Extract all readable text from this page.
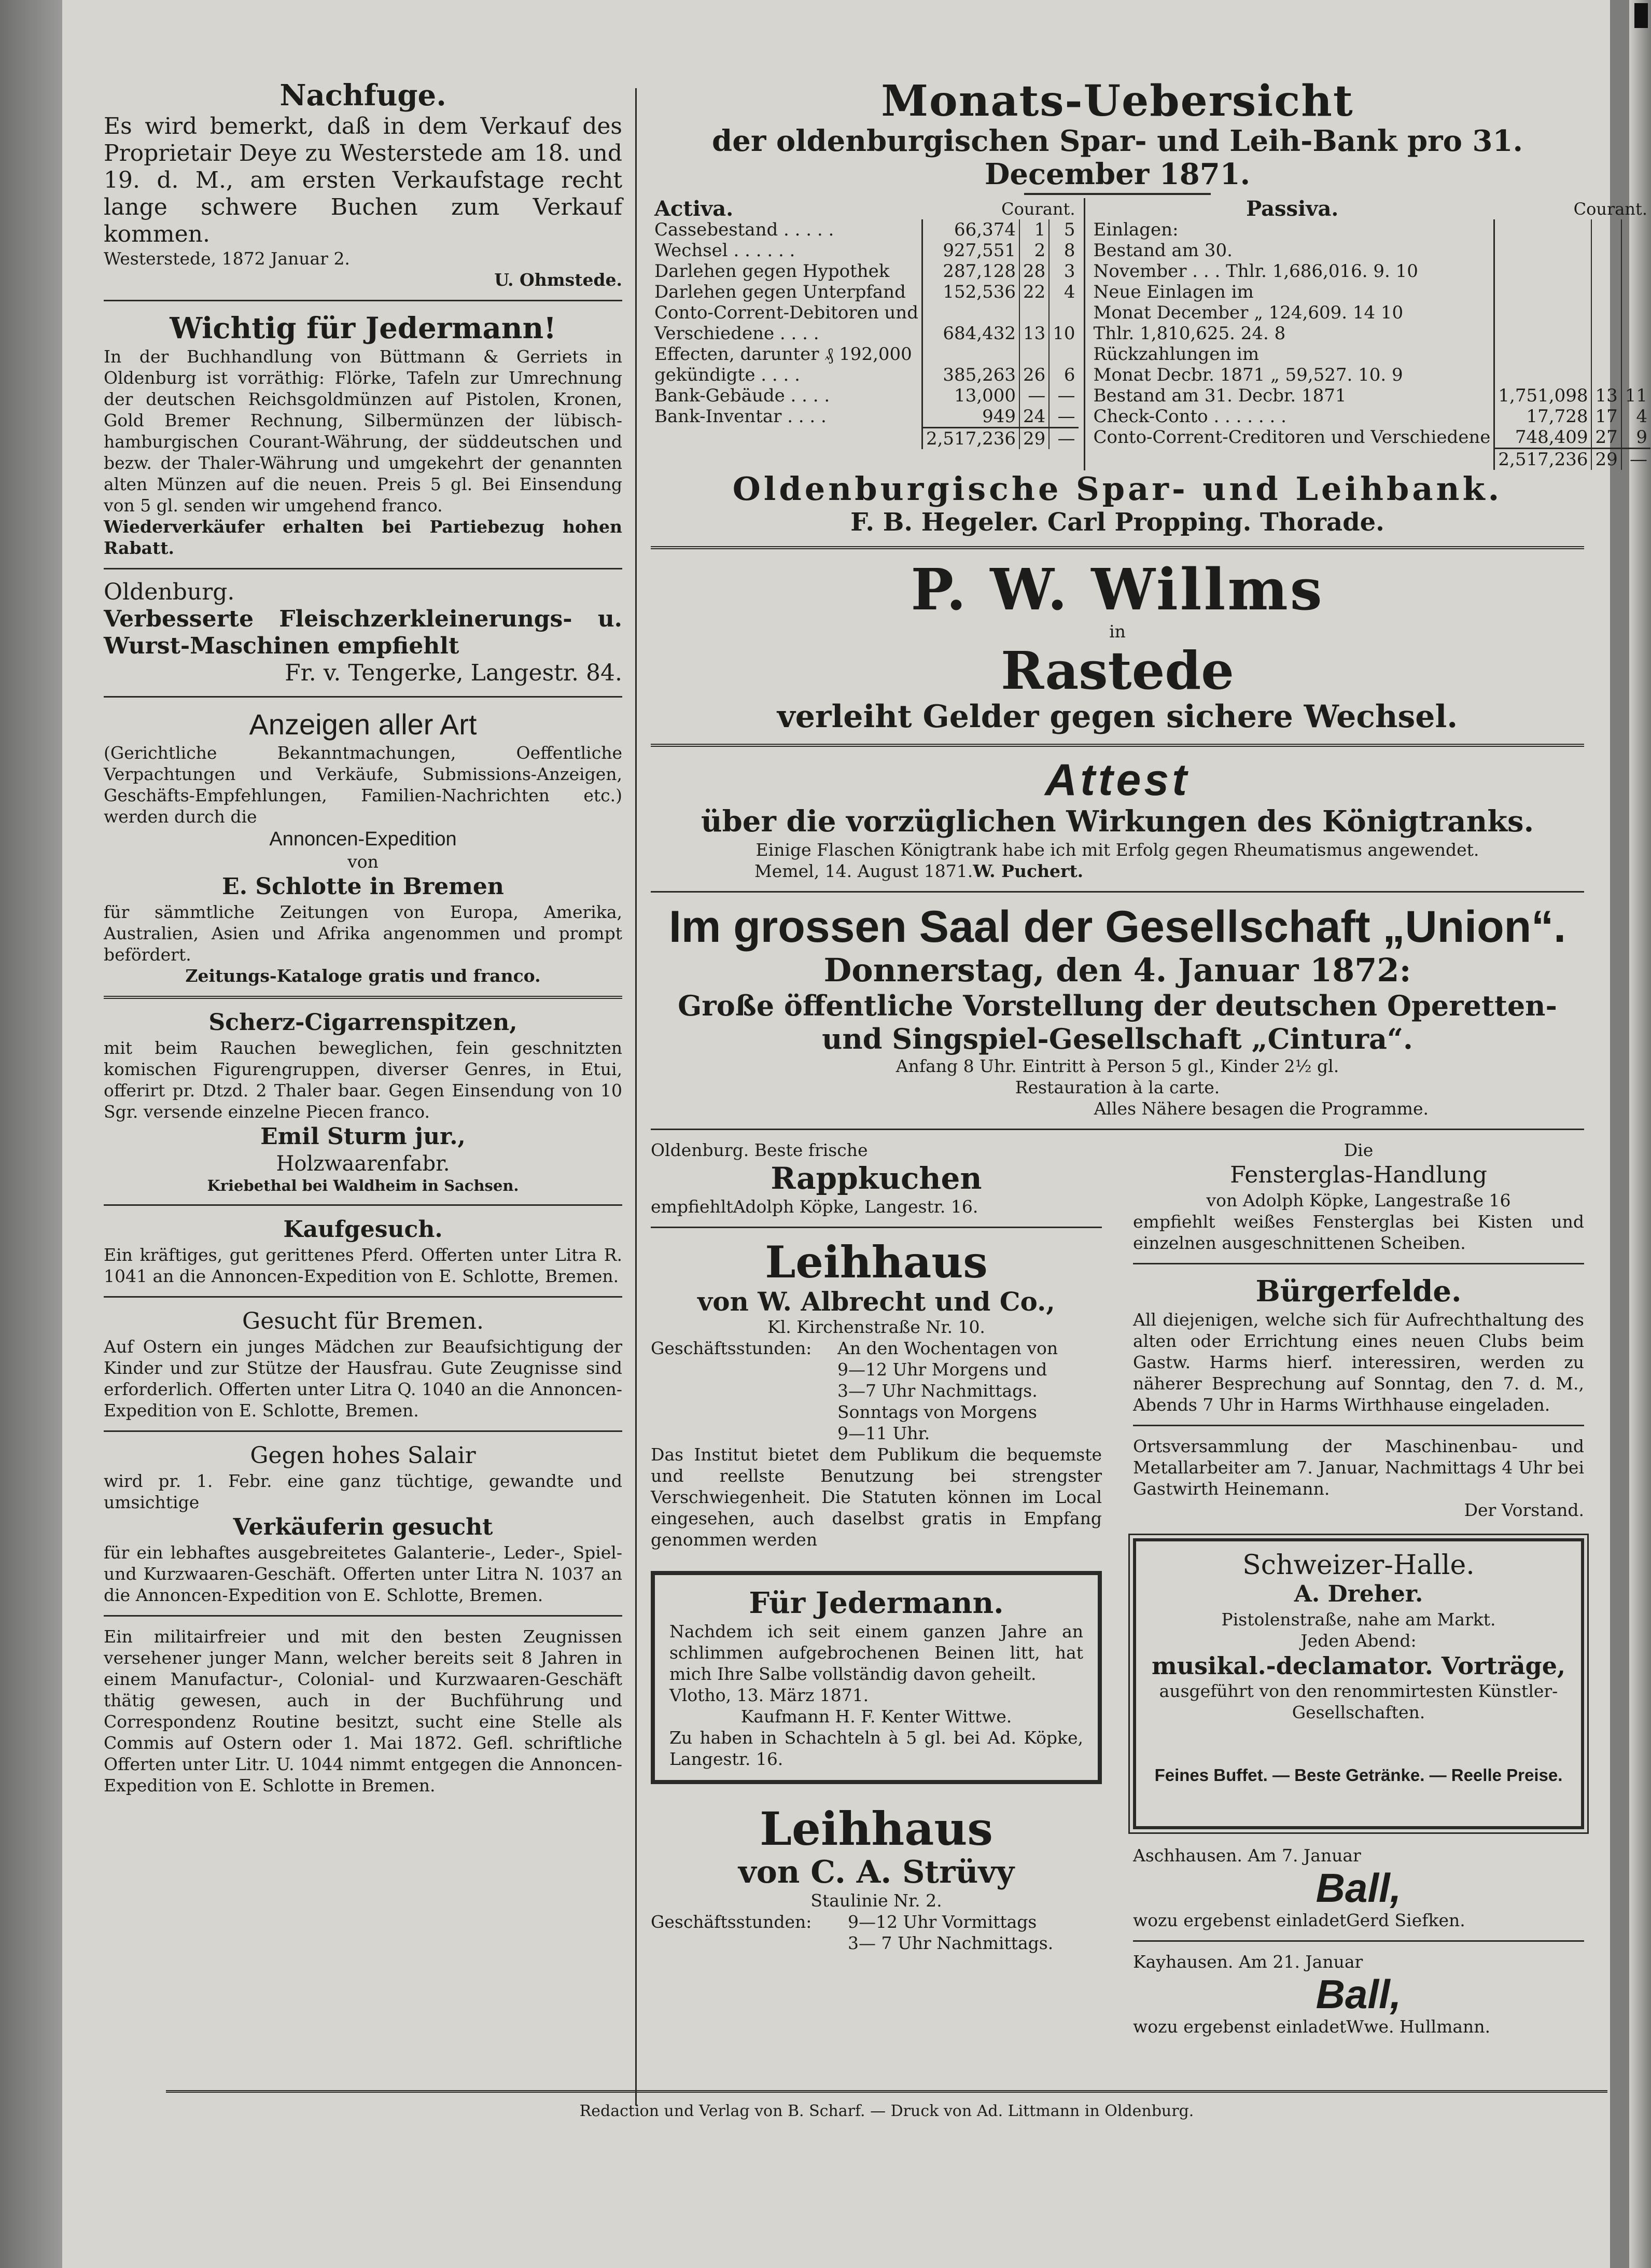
Nachfuge.

Es wird bemerkt, daß in dem Verkauf des Proprietair Deye zu Westerstede am 18. und 19. d. M., am ersten Verkaufstage recht lange schwere Buchen zum Verkauf kommen.

Westerstede, 1872 Januar 2.

U. Ohmstede.

Wichtig für Jedermann!

In der Buchhandlung von Büttmann & Gerriets in Oldenburg ist vorräthig: Flörke, Tafeln zur Umrechnung der deutschen Reichsgoldmünzen auf Pistolen, Kronen, Gold Bremer Rechnung, Silbermünzen der lübisch-hamburgischen Courant-Währung, der süddeutschen und bezw. der Thaler-Währung und umgekehrt der genannten alten Münzen auf die neuen. Preis 5 gl. Bei Einsendung von 5 gl. senden wir umgehend franco.

Wiederverkäufer erhalten bei Partiebezug hohen Rabatt.

Oldenburg.

Verbesserte Fleischzerkleinerungs- u. Wurst-Maschinen empfiehlt

Fr. v. Tengerke, Langestr. 84.

Anzeigen aller Art

(Gerichtliche Bekanntmachungen, Oeffentliche Verpachtungen und Verkäufe, Submissions-Anzeigen, Geschäfts-Empfehlungen, Familien-Nachrichten etc.) werden durch die

Annoncen-Expedition

von

E. Schlotte in Bremen

für sämmtliche Zeitungen von Europa, Amerika, Australien, Asien und Afrika angenommen und prompt befördert.

Zeitungs-Kataloge gratis und franco.

Scherz-Cigarrenspitzen,

mit beim Rauchen beweglichen, fein geschnitzten komischen Figurengruppen, diverser Genres, in Etui, offerirt pr. Dtzd. 2 Thaler baar. Gegen Einsendung von 10 Sgr. versende einzelne Piecen franco.

Emil Sturm jur.,

Holzwaarenfabr.

Kriebethal bei Waldheim in Sachsen.

Kaufgesuch.

Ein kräftiges, gut gerittenes Pferd. Offerten unter Litra R. 1041 an die Annoncen-Expedition von E. Schlotte, Bremen.

Gesucht für Bremen.

Auf Ostern ein junges Mädchen zur Beaufsichtigung der Kinder und zur Stütze der Hausfrau. Gute Zeugnisse sind erforderlich. Offerten unter Litra Q. 1040 an die Annoncen-Expedition von E. Schlotte, Bremen.

Gegen hohes Salair

wird pr. 1. Febr. eine ganz tüchtige, gewandte und umsichtige

Verkäuferin gesucht

für ein lebhaftes ausgebreitetes Galanterie-, Leder-, Spiel- und Kurzwaaren-Geschäft. Offerten unter Litra N. 1037 an die Annoncen-Expedition von E. Schlotte, Bremen.

Ein militairfreier und mit den besten Zeugnissen versehener junger Mann, welcher bereits seit 8 Jahren in einem Manufactur-, Colonial- und Kurzwaaren-Geschäft thätig gewesen, auch in der Buchführung und Correspondenz Routine besitzt, sucht eine Stelle als Commis auf Ostern oder 1. Mai 1872. Gefl. schriftliche Offerten unter Litr. U. 1044 nimmt entgegen die Annoncen-Expedition von E. Schlotte in Bremen.

Monats-Uebersicht

der oldenburgischen Spar- und Leih-Bank pro 31. December 1871.

Activa.	Courant.
Cassebestand . . . . .	66,374	1	5
Wechsel . . . . . .	927,551	2	8
Darlehen gegen Hypothek	287,128	28	3
Darlehen gegen Unterpfand	152,536	22	4
Conto-Corrent-Debitoren und			
Verschiedene . . . .	684,432	13	10
Effecten, darunter ₰ 192,000			
gekündigte . . . .	385,263	26	6
Bank-Gebäude . . . .	13,000	—	—
Bank-Inventar . . . .	949	24	—
	2,517,236	29	—

Passiva.	Courant.
Einlagen:			
Bestand am 30.			
November . . . Thlr. 1,686,016. 9. 10			
Neue Einlagen im			
Monat December „ 124,609. 14 10			
Thlr. 1,810,625. 24. 8			
Rückzahlungen im			
Monat Decbr. 1871 „ 59,527. 10. 9			
Bestand am 31. Decbr. 1871	1,751,098	13	11
Check-Conto . . . . . . .	17,728	17	4
Conto-Corrent-Creditoren und Verschiedene	748,409	27	9
	2,517,236	29	—

Oldenburgische Spar- und Leihbank.

F. B. Hegeler. Carl Propping. Thorade.

P. W. Willms

in

Rastede

verleiht Gelder gegen sichere Wechsel.

Attest

über die vorzüglichen Wirkungen des Königtranks.

Einige Flaschen Königtrank habe ich mit Erfolg gegen Rheumatismus angewendet.

Memel, 14. August 1871. W. Puchert.

Im grossen Saal der Gesellschaft „Union“.

Donnerstag, den 4. Januar 1872:

Große öffentliche Vorstellung der deutschen Operetten- und Singspiel-Gesellschaft „Cintura“.

Anfang 8 Uhr. Eintritt à Person 5 gl., Kinder 2½ gl.

Restauration à la carte.

Alles Nähere besagen die Programme.

Oldenburg. Beste frische

Rappkuchen

empfiehlt Adolph Köpke, Langestr. 16.

Leihhaus

von W. Albrecht und Co.,

Kl. Kirchenstraße Nr. 10.

Geschäftsstunden:	An den Wochentagen von

9—12 Uhr Morgens und

3—7 Uhr Nachmittags.

Sonntags von Morgens

9—11 Uhr.

Das Institut bietet dem Publikum die bequemste und reellste Benutzung bei strengster Verschwiegenheit. Die Statuten können im Local eingesehen, auch daselbst gratis in Empfang genommen werden

Für Jedermann.

Nachdem ich seit einem ganzen Jahre an schlimmen aufgebrochenen Beinen litt, hat mich Ihre Salbe vollständig davon geheilt.

Vlotho, 13. März 1871.

Kaufmann H. F. Kenter Wittwe.

Zu haben in Schachteln à 5 gl. bei Ad. Köpke, Langestr. 16.

Leihhaus

von C. A. Strüvy

Staulinie Nr. 2.

Geschäftsstunden:	9—12 Uhr Vormittags

3— 7 Uhr Nachmittags.

Die

Fensterglas-Handlung

von Adolph Köpke, Langestraße 16

empfiehlt weißes Fensterglas bei Kisten und einzelnen ausgeschnittenen Scheiben.

Bürgerfelde.

All diejenigen, welche sich für Aufrechthaltung des alten oder Errichtung eines neuen Clubs beim Gastw. Harms hierf. interessiren, werden zu näherer Besprechung auf Sonntag, den 7. d. M., Abends 7 Uhr in Harms Wirthhause eingeladen.

Ortsversammlung der Maschinenbau- und Metallarbeiter am 7. Januar, Nachmittags 4 Uhr bei Gastwirth Heinemann.

Der Vorstand.

Schweizer-Halle.

A. Dreher.

Pistolenstraße, nahe am Markt.

Jeden Abend:

musikal.-declamator. Vorträge,

ausgeführt von den renommirtesten Künstler-Gesellschaften.

Feines Buffet. — Beste Getränke. — Reelle Preise.

Aschhausen. Am 7. Januar

Ball,

wozu ergebenst einladet Gerd Siefken.

Kayhausen. Am 21. Januar

Ball,

wozu ergebenst einladet Wwe. Hullmann.

Redaction und Verlag von B. Scharf. — Druck von Ad. Littmann in Oldenburg.
